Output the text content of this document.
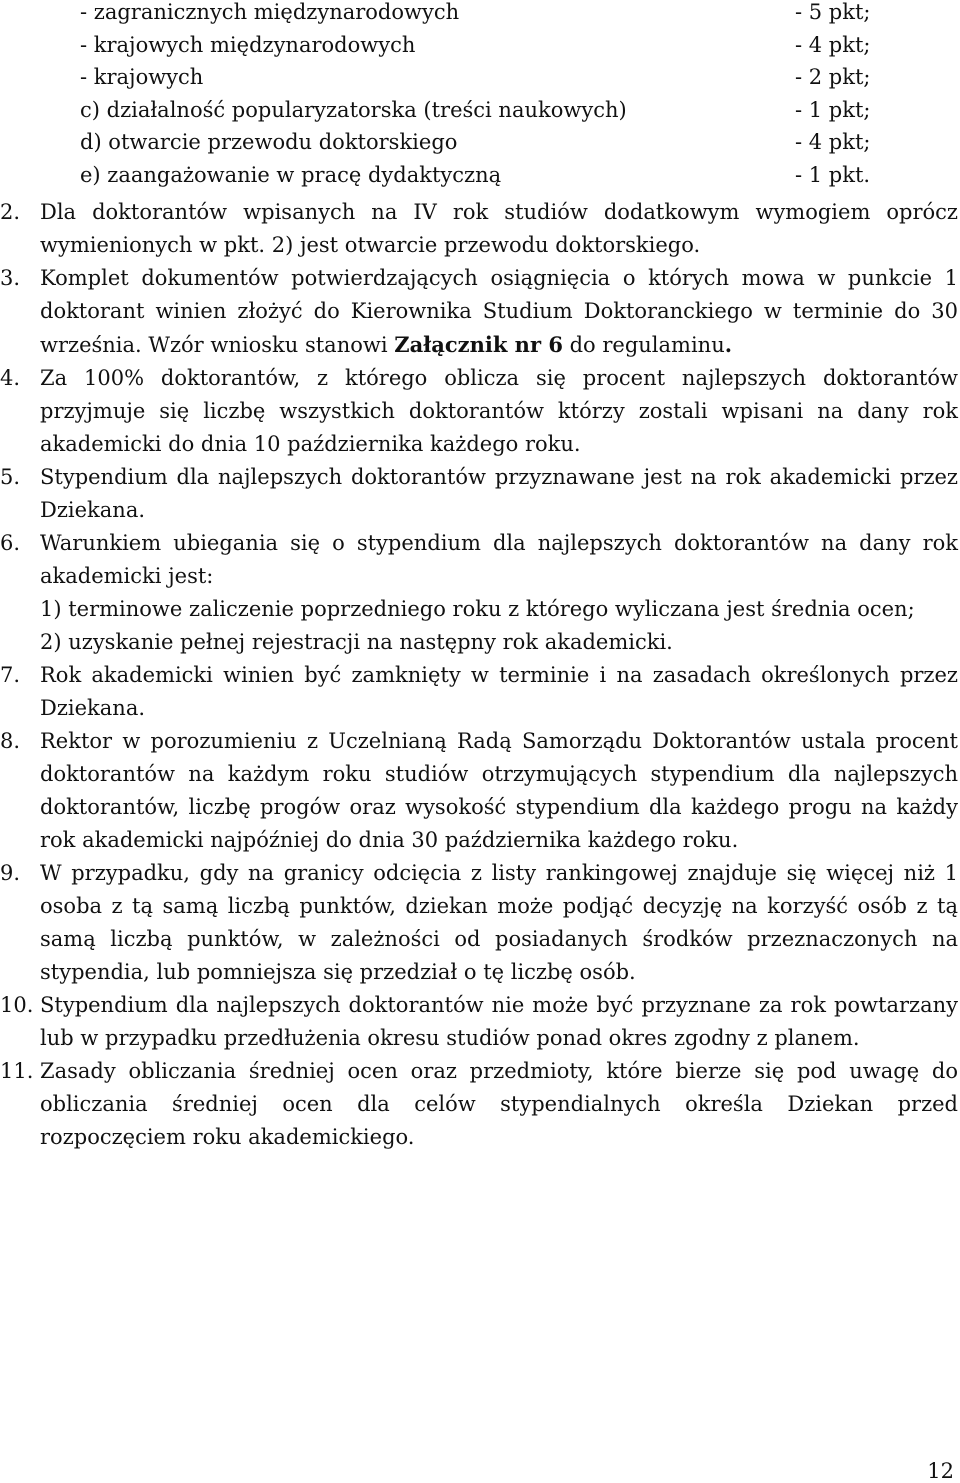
- zagranicznych międzynarodowych	- 5 pkt;
- krajowych międzynarodowych	- 4 pkt;
- krajowych	- 2 pkt;
c) działalność popularyzatorska (treści naukowych)	- 1 pkt;
d) otwarcie przewodu doktorskiego	- 4 pkt;
e) zaangażowanie w pracę dydaktyczną	- 1 pkt.
2. Dla doktorantów wpisanych na IV rok studiów dodatkowym wymogiem oprócz wymienionych w pkt. 2) jest otwarcie przewodu doktorskiego.
3. Komplet dokumentów potwierdzających osiągnięcia o których mowa w punkcie 1 doktorant winien złożyć do Kierownika Studium Doktoranckiego w terminie do 30 września. Wzór wniosku stanowi Załącznik nr 6 do regulaminu.
4. Za 100% doktorantów, z którego oblicza się procent najlepszych doktorantów przyjmuje się liczbę wszystkich doktorantów którzy zostali wpisani na dany rok akademicki do dnia 10 października każdego roku.
5. Stypendium dla najlepszych doktorantów przyznawane jest na rok akademicki przez Dziekana.
6. Warunkiem ubiegania się o stypendium dla najlepszych doktorantów na dany rok akademicki jest:
1) terminowe zaliczenie poprzedniego roku z którego wyliczana jest średnia ocen;
2) uzyskanie pełnej rejestracji na następny rok akademicki.
7. Rok akademicki winien być zamknięty w terminie i na zasadach określonych przez Dziekana.
8. Rektor w porozumieniu z Uczelnianą Radą Samorządu Doktorantów ustala procent doktorantów na każdym roku studiów otrzymujących stypendium dla najlepszych doktorantów, liczbę progów oraz wysokość stypendium dla każdego progu na każdy rok akademicki najpóźniej do dnia 30 października każdego roku.
9. W przypadku, gdy na granicy odcięcia z listy rankingowej znajduje się więcej niż 1 osoba z tą samą liczbą punktów, dziekan może podjąć decyzję na korzyść osób z tą samą liczbą punktów, w zależności od posiadanych środków przeznaczonych na stypendia, lub pomniejsza się przedział o tę liczbę osób.
10. Stypendium dla najlepszych doktorantów nie może być przyznane za rok powtarzany lub w przypadku przedłużenia okresu studiów ponad okres zgodny z planem.
11. Zasady obliczania średniej ocen oraz przedmioty, które bierze się pod uwagę do obliczania średniej ocen dla celów stypendialnych określa Dziekan przed rozpoczęciem roku akademickiego.
12
